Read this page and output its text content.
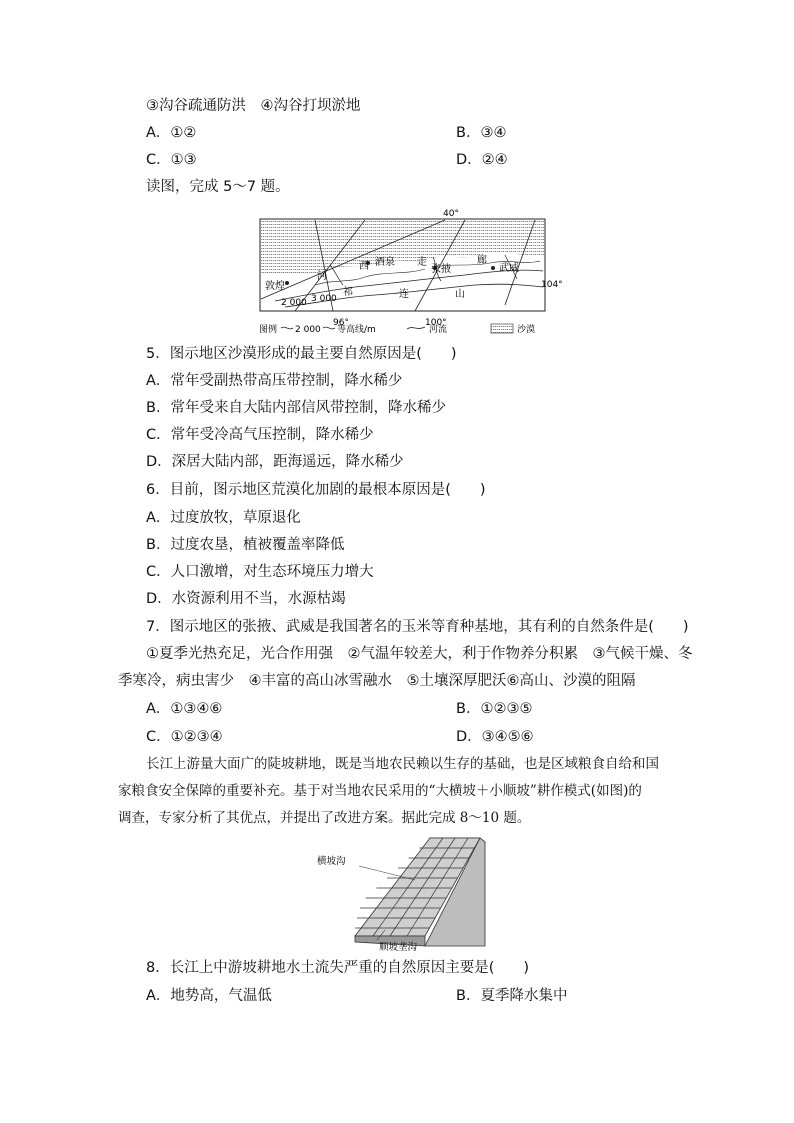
③沟谷疏通防洪　④沟谷打坝淤地
A．①②	B．③④
C．①③	D．②④
读图，完成 5～7 题。
40°
96°	100°
104°
敦煌
河
西 酒泉 走
张掖
廊
武威
祁	连	山
2 000 3 000
图例 2 000 等高线/m	河流	沙漠
5．图示地区沙漠形成的最主要自然原因是(　　)
A．常年受副热带高压带控制，降水稀少
B．常年受来自大陆内部信风带控制，降水稀少
C．常年受冷高气压控制，降水稀少
D．深居大陆内部，距海遥远，降水稀少
6．目前，图示地区荒漠化加剧的最根本原因是(　　)
A．过度放牧，草原退化
B．过度农垦，植被覆盖率降低
C．人口激增，对生态环境压力增大
D．水资源利用不当，水源枯竭
7．图示地区的张掖、武威是我国著名的玉米等育种基地，其有利的自然条件是(　　)
①夏季光热充足，光合作用强　②气温年较差大，利于作物养分积累　③气候干燥、冬
季寒冷，病虫害少　④丰富的高山冰雪融水　⑤土壤深厚肥沃⑥高山、沙漠的阻隔
A．①③④⑥	B．①②③⑤
C．①②③④	D．③④⑤⑥
长江上游量大面广的陡坡耕地，既是当地农民赖以生存的基础，也是区域粮食自给和国
家粮食安全保障的重要补充。基于对当地农民采用的“大横坡＋小顺坡”耕作模式(如图)的
调查，专家分析了其优点，并提出了改进方案。据此完成 8～10 题。
横坡沟
顺坡垄沟
8．长江上中游坡耕地水土流失严重的自然原因主要是(　　)
A．地势高，气温低	B．夏季降水集中
